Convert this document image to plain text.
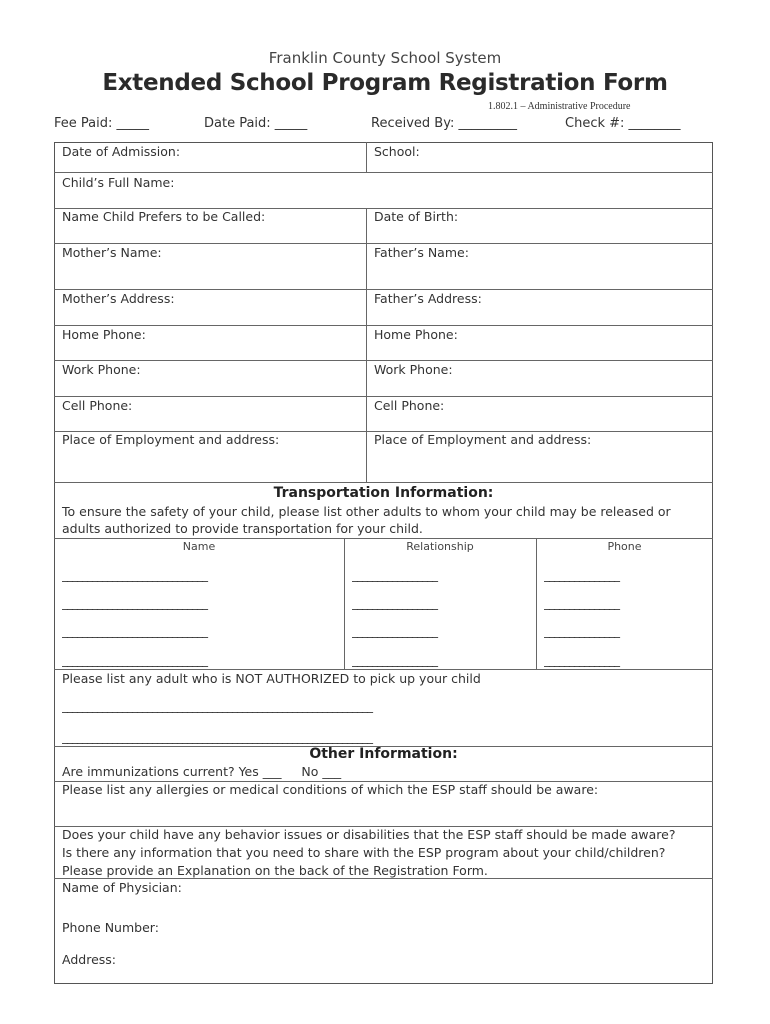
Franklin County School System
Extended School Program Registration Form
1.802.1 – Administrative Procedure
Fee Paid: _____	Date Paid: _____	Received By: _________	Check #: ________
Date of Admission:	School:
Child’s Full Name:
Name Child Prefers to be Called:	Date of Birth:
Mother’s Name:	Father’s Name:
Mother’s Address:	Father’s Address:
Home Phone:	Home Phone:
Work Phone:	Work Phone:
Cell Phone:	Cell Phone:
Place of Employment and address:	Place of Employment and address:
Transportation Information:
To ensure the safety of your child, please list other adults to whom your child may be released or
adults authorized to provide transportation for your child.
Name	Relationship	Phone
_____________________________	_________________	_______________
_____________________________	_________________	_______________
_____________________________	_________________	_______________
_____________________________	_________________	_______________
Please list any adult who is NOT AUTHORIZED to pick up your child
______________________________________________________________
______________________________________________________________
Other Information:
Are immunizations current? Yes ___     No ___
Please list any allergies or medical conditions of which the ESP staff should be aware:
Does your child have any behavior issues or disabilities that the ESP staff should be made aware?
Is there any information that you need to share with the ESP program about your child/children?
Please provide an Explanation on the back of the Registration Form.
Name of Physician:
Phone Number:
Address:
